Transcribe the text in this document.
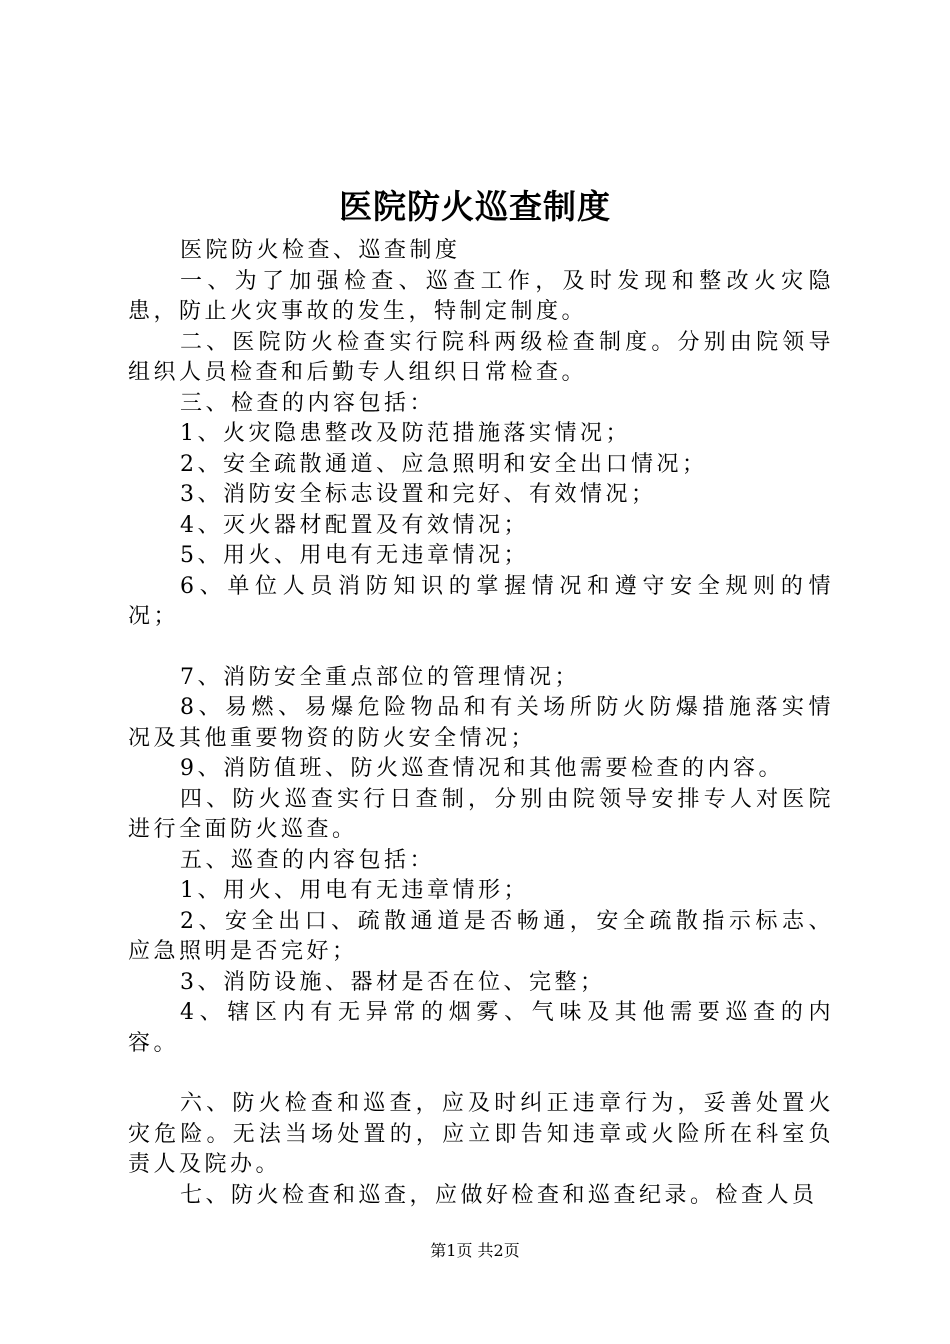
医院防火巡查制度

医院防火检查、巡查制度

一、为了加强检查、巡查工作，及时发现和整改火灾隐患，防止火灾事故的发生，特制定制度。

二、医院防火检查实行院科两级检查制度。分别由院领导组织人员检查和后勤专人组织日常检查。

三、检查的内容包括：

1、火灾隐患整改及防范措施落实情况；

2、安全疏散通道、应急照明和安全出口情况；

3、消防安全标志设置和完好、有效情况；

4、灭火器材配置及有效情况；

5、用火、用电有无违章情况；

6、单位人员消防知识的掌握情况和遵守安全规则的情况；

7、消防安全重点部位的管理情况；

8、易燃、易爆危险物品和有关场所防火防爆措施落实情况及其他重要物资的防火安全情况；

9、消防值班、防火巡查情况和其他需要检查的内容。

四、防火巡查实行日查制，分别由院领导安排专人对医院进行全面防火巡查。

五、巡查的内容包括：

1、用火、用电有无违章情形；

2、安全出口、疏散通道是否畅通，安全疏散指示标志、应急照明是否完好；

3、消防设施、器材是否在位、完整；

4、辖区内有无异常的烟雾、气味及其他需要巡查的内容。

六、防火检查和巡查，应及时纠正违章行为，妥善处置火灾危险。无法当场处置的，应立即告知违章或火险所在科室负责人及院办。

七、防火检查和巡查，应做好检查和巡查纪录。检查人员

第1页 共2页
